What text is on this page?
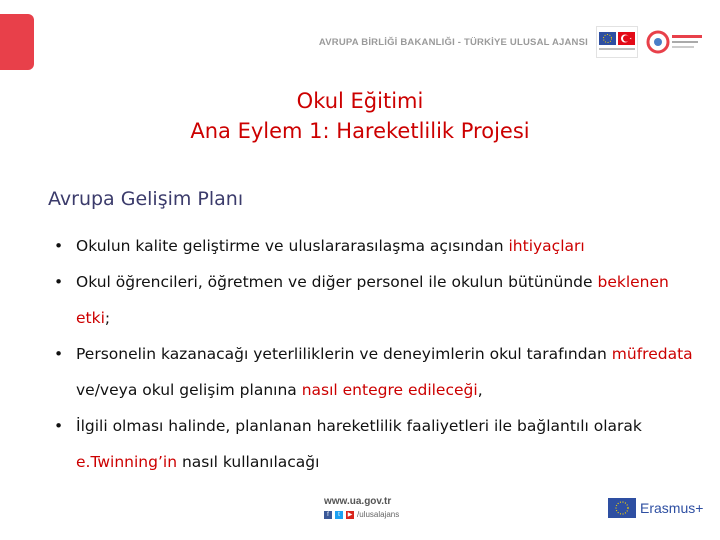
AVRUPA BİRLİĞİ BAKANLIĞI - TÜRKİYE ULUSAL AJANSI
Okul Eğitimi
Ana Eylem 1: Hareketlilik Projesi
Avrupa Gelişim Planı
• Okulun kalite geliştirme ve uluslararasılaşma açısından ihtiyaçları
• Okul öğrencileri, öğretmen ve diğer personel ile okulun bütününde beklenen etki;
• Personelin kazanacağı yeterliliklerin ve deneyimlerin okul tarafından müfredata ve/veya okul gelişim planına nasıl entegre edileceği,
• İlgili olması halinde, planlanan hareketlilik faaliyetleri ile bağlantılı olarak e.Twinning’in nasıl kullanılacağı
www.ua.gov.tr
f	t	▶ /ulusalajans	Erasmus+
